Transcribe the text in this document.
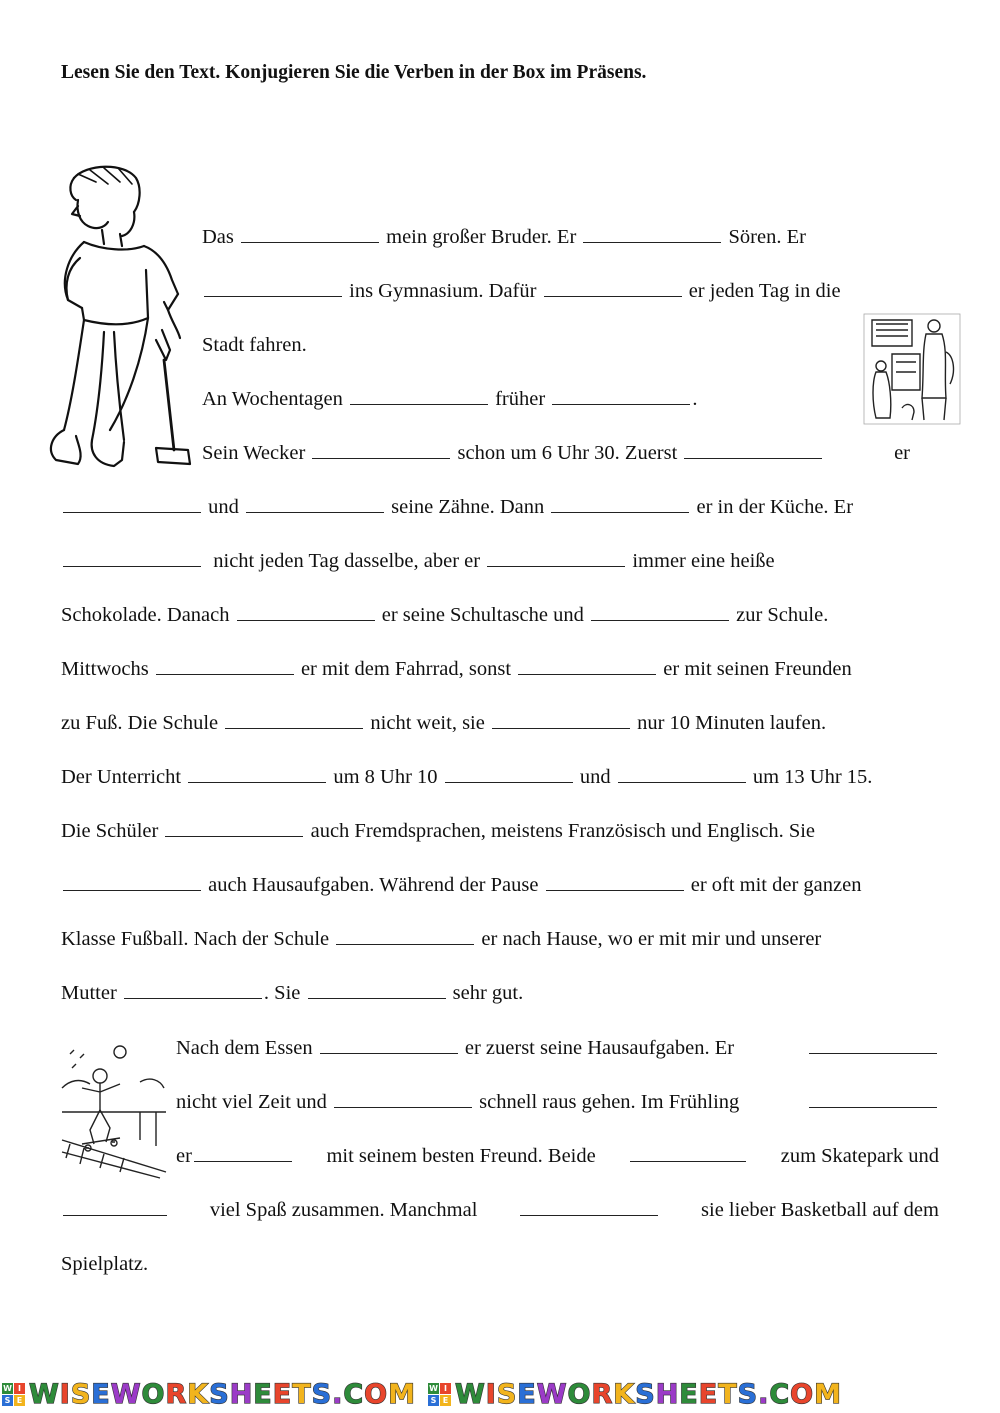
Lesen Sie den Text. Konjugieren Sie die Verben in der Box im Präsens.
Das	mein großer Bruder. Er	Sören. Er
ins Gymnasium. Dafür	er jeden Tag in die
Stadt fahren.
An Wochentagen	früher	.
Sein Wecker	schon um 6 Uhr 30. Zuerst	er
und	seine Zähne. Dann	er in der Küche. Er
nicht jeden Tag dasselbe, aber er	immer eine heiße
Schokolade. Danach	er seine Schultasche und	zur Schule.
Mittwochs	er mit dem Fahrrad, sonst	er mit seinen Freunden
zu Fuß. Die Schule	nicht weit, sie	nur 10 Minuten laufen.
Der Unterricht	um 8 Uhr 10	und	um 13 Uhr 15.
Die Schüler	auch Fremdsprachen, meistens Französisch und Englisch. Sie
auch Hausaufgaben. Während der Pause	er oft mit der ganzen
Klasse Fußball. Nach der Schule	er nach Hause, wo er mit mir und unserer
Mutter	. Sie	sehr gut.
Nach dem Essen	er zuerst seine Hausaufgaben. Er
nicht viel Zeit und	schnell raus gehen. Im Frühling
er	mit seinem besten Freund. Beide	zum Skatepark und
viel Spaß zusammen. Manchmal	sie lieber Basketball auf dem
Spielplatz.
W I
S E WISEWORKSHEETS.COM W I
S E WISEWORKSHEETS.COM
